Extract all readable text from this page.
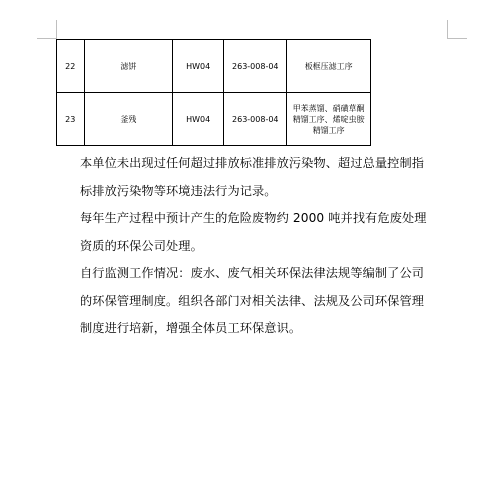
22	滤饼	HW04	263-008-04	板框压滤工序
23	釜残	HW04	263-008-04	甲苯蒸馏、硝磺草酮精馏工序、烯啶虫胺精馏工序

本单位未出现过任何超过排放标准排放污染物、超过总量控制指
标排放污染物等环境违法行为记录。

每年生产过程中预计产生的危险废物约 2000 吨并找有危废处理
资质的环保公司处理。

自行监测工作情况：废水、废气相关环保法律法规等编制了公司
的环保管理制度。组织各部门对相关法律、法规及公司环保管理
制度进行培新，增强全体员工环保意识。
